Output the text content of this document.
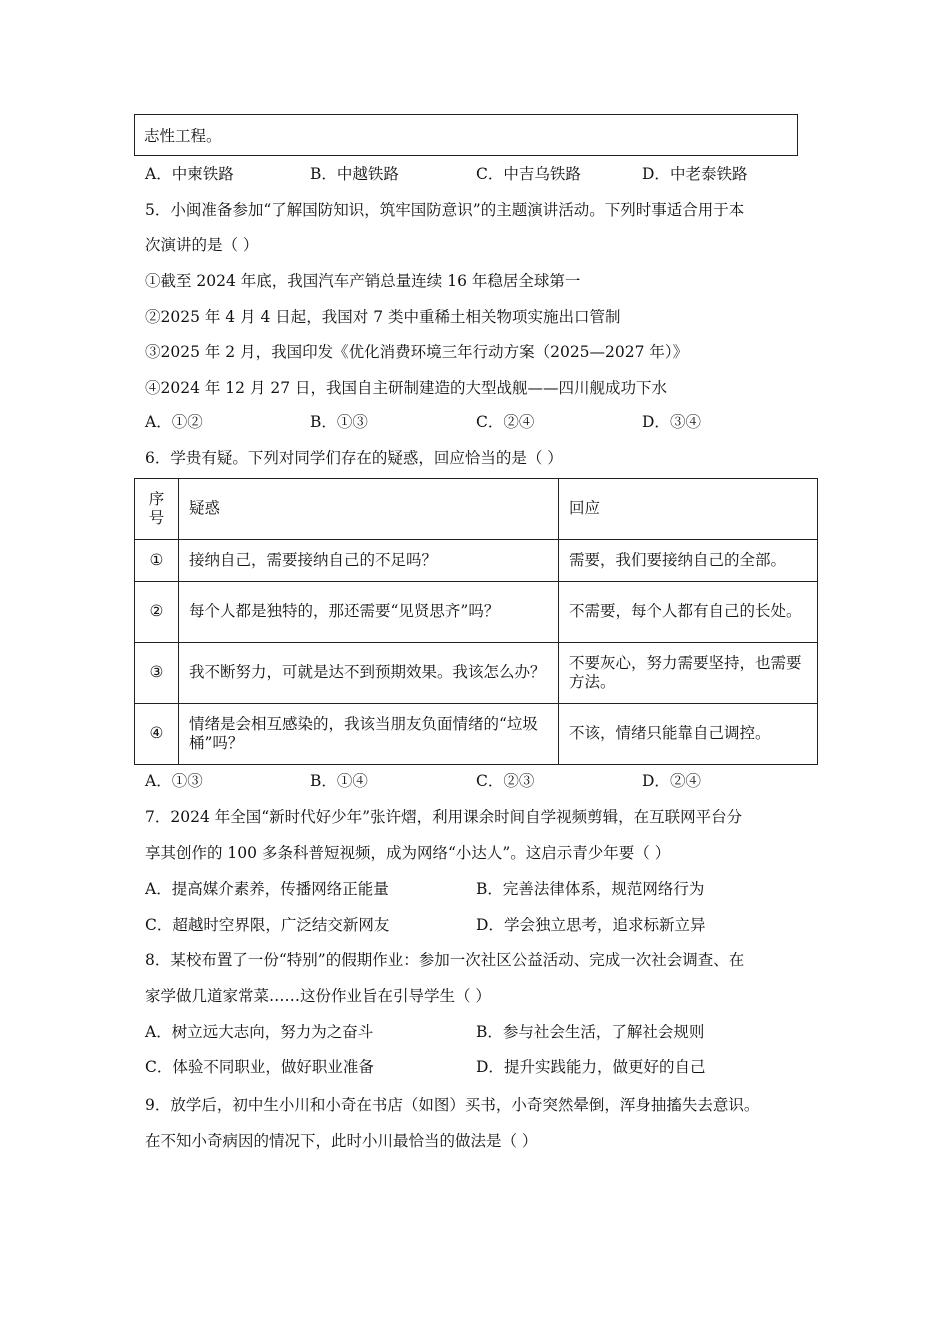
志性工程。
A．中柬铁路	B．中越铁路	C．中吉乌铁路	D．中老泰铁路
5．小闽准备参加“了解国防知识，筑牢国防意识”的主题演讲活动。下列时事适合用于本
次演讲的是（ ）
①截至 2024 年底，我国汽车产销总量连续 16 年稳居全球第一
②2025 年 4 月 4 日起，我国对 7 类中重稀土相关物项实施出口管制
③2025 年 2 月，我国印发《优化消费环境三年行动方案（2025—2027 年）》
④2024 年 12 月 27 日，我国自主研制建造的大型战舰——四川舰成功下水
A．①②	B．①③	C．②④	D．③④
6．学贵有疑。下列对同学们存在的疑惑，回应恰当的是（ ）
序号	疑惑	回应
①	接纳自己，需要接纳自己的不足吗？	需要，我们要接纳自己的全部。
②	每个人都是独特的，那还需要“见贤思齐”吗？	不需要，每个人都有自己的长处。
③	我不断努力，可就是达不到预期效果。我该怎么办？	不要灰心，努力需要坚持，也需要方法。
④	情绪是会相互感染的，我该当朋友负面情绪的“垃圾桶”吗？	不该，情绪只能靠自己调控。
A．①③	B．①④	C．②③	D．②④
7．2024 年全国“新时代好少年”张许熠，利用课余时间自学视频剪辑，在互联网平台分
享其创作的 100 多条科普短视频，成为网络“小达人”。这启示青少年要（ ）
A．提高媒介素养，传播网络正能量	B．完善法律体系，规范网络行为
C．超越时空界限，广泛结交新网友	D．学会独立思考，追求标新立异
8．某校布置了一份“特别”的假期作业：参加一次社区公益活动、完成一次社会调查、在
家学做几道家常菜……这份作业旨在引导学生（ ）
A．树立远大志向，努力为之奋斗	B．参与社会生活，了解社会规则
C．体验不同职业，做好职业准备	D．提升实践能力，做更好的自己
9．放学后，初中生小川和小奇在书店（如图）买书，小奇突然晕倒，浑身抽搐失去意识。
在不知小奇病因的情况下，此时小川最恰当的做法是（ ）
